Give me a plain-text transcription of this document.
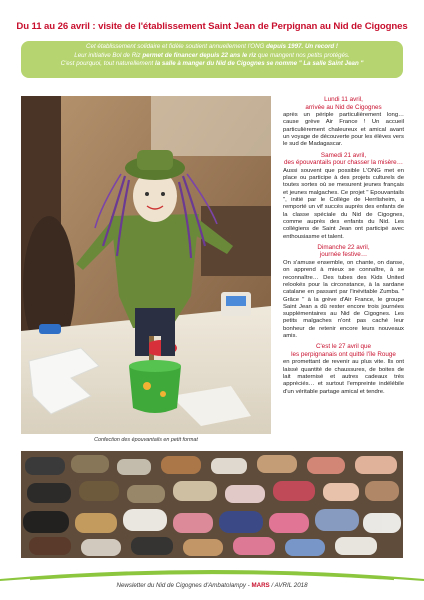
Du 11 au 26 avril : visite de l'établissement Saint Jean de Perpignan au Nid de Cigognes
Cet établissement solidaire et fidèle soutient annuellement l'ONG depuis 1997. Un record !
Leur initiative Bol de Riz permet de financer depuis 22 ans le riz que mangent nos petits protégés.
C'est pourquoi, tout naturellement la salle à manger du Nid de Cigognes se nomme " La salle Saint Jean "
Confection des épouvantails en petit format
Lundi 11 avril,
arrivée au Nid de Cigognes

après un périple particulièrement long… cause grève Air France ! Un accueil particulièrement chaleureux et amical avant un voyage de découverte pour les élèves vers le sud de Madagascar.

Samedi 21 avril,
des épouvantails pour chasser la misère…

Aussi souvent que possible L'ONG met en place ou participe à des projets culturels de toutes sortes où se mesurent jeunes français et jeunes malgaches. Ce projet " Epouvantails ", initié par le Collège de Herrlisheim, a remporté un vif succès auprès des enfants de la classe spéciale du Nid de Cigognes, comme auprès des enfants du Nid. Les collégiens de Saint Jean ont participé avec enthousiasme et talent.

Dimanche 22 avril,
journée festive…

On s'amuse ensemble, on chante, on danse, on apprend à mieux se connaître, à se reconnaître… Des tubes des Kids United relookés pour la circonstance, à la sardane catalane en passant par l'inévitable Zumba. " Grâce " à la grève d'Air France, le groupe Saint Jean a dû rester encore trois journées supplémentaires au Nid de Cigognes. Les petits malgaches n'ont pas caché leur bonheur de retenir encore leurs nouveaux amis.

C'est le 27 avril que
les perpignanais ont quitté l'île Rouge

en promettant de revenir au plus vite. Ils ont laissé quantité de chaussures, de boites de lait maternisé et autres cadeaux très appréciés… et surtout l'empreinte indélébile d'un véritable partage amical et tendre.

Newsletter du Nid de Cigognes d'Ambatolampy - MARS / AVRIL 2018
